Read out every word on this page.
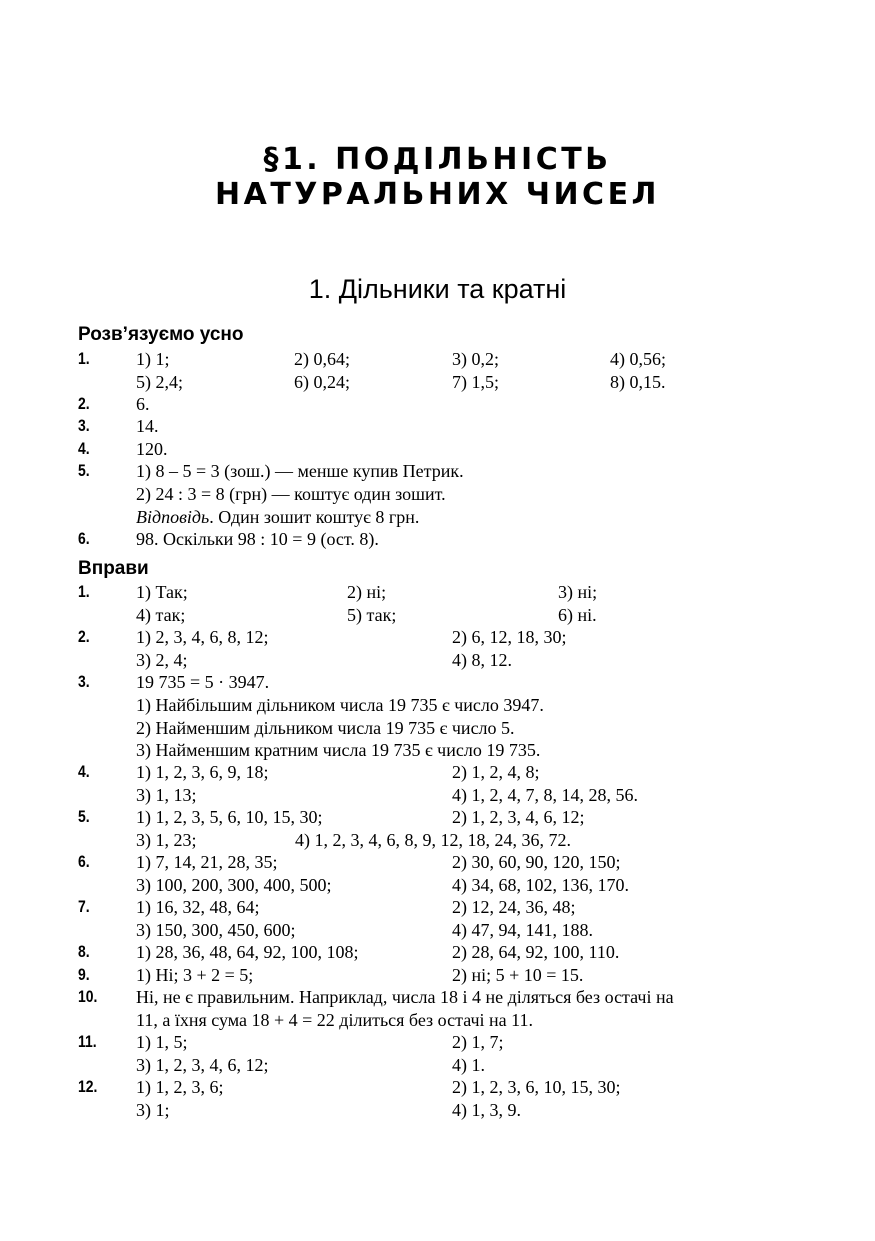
§1. ПОДІЛЬНІСТЬ
НАТУРАЛЬНИХ ЧИСЕЛ
1. Дільники та кратні
Розв’язуємо усно
1.	1) 1;	2) 0,64;	3) 0,2;	4) 0,56;
5) 2,4;	6) 0,24;	7) 1,5;	8) 0,15.
2.	6.
3.	14.
4.	120.
5.	1) 8 – 5 = 3 (зош.) — менше купив Петрик.
2) 24 : 3 = 8 (грн) — коштує один зошит.
Відповідь. Один зошит коштує 8 грн.
6.	98. Оскільки 98 : 10 = 9 (ост. 8).
Вправи
1.	1) Так;	2) ні;	3) ні;
4) так;	5) так;	6) ні.
2.	1) 2, 3, 4, 6, 8, 12;	2) 6, 12, 18, 30;
3) 2, 4;	4) 8, 12.
3.	19 735 = 5 · 3947.
1) Найбільшим дільником числа 19 735 є число 3947.
2) Найменшим дільником числа 19 735 є число 5.
3) Найменшим кратним числа 19 735 є число 19 735.
4.	1) 1, 2, 3, 6, 9, 18;	2) 1, 2, 4, 8;
3) 1, 13;	4) 1, 2, 4, 7, 8, 14, 28, 56.
5.	1) 1, 2, 3, 5, 6, 10, 15, 30;	2) 1, 2, 3, 4, 6, 12;
3) 1, 23;	4) 1, 2, 3, 4, 6, 8, 9, 12, 18, 24, 36, 72.
6.	1) 7, 14, 21, 28, 35;	2) 30, 60, 90, 120, 150;
3) 100, 200, 300, 400, 500;	4) 34, 68, 102, 136, 170.
7.	1) 16, 32, 48, 64;	2) 12, 24, 36, 48;
3) 150, 300, 450, 600;	4) 47, 94, 141, 188.
8.	1) 28, 36, 48, 64, 92, 100, 108;	2) 28, 64, 92, 100, 110.
9.	1) Ні; 3 + 2 = 5;	2) ні; 5 + 10 = 15.
10. Ні, не є правильним. Наприклад, числа 18 і 4 не діляться без остачі на
11, а їхня сума 18 + 4 = 22 ділиться без остачі на 11.
11. 1) 1, 5;	2) 1, 7;
3) 1, 2, 3, 4, 6, 12;	4) 1.
12. 1) 1, 2, 3, 6;	2) 1, 2, 3, 6, 10, 15, 30;
3) 1;	4) 1, 3, 9.
